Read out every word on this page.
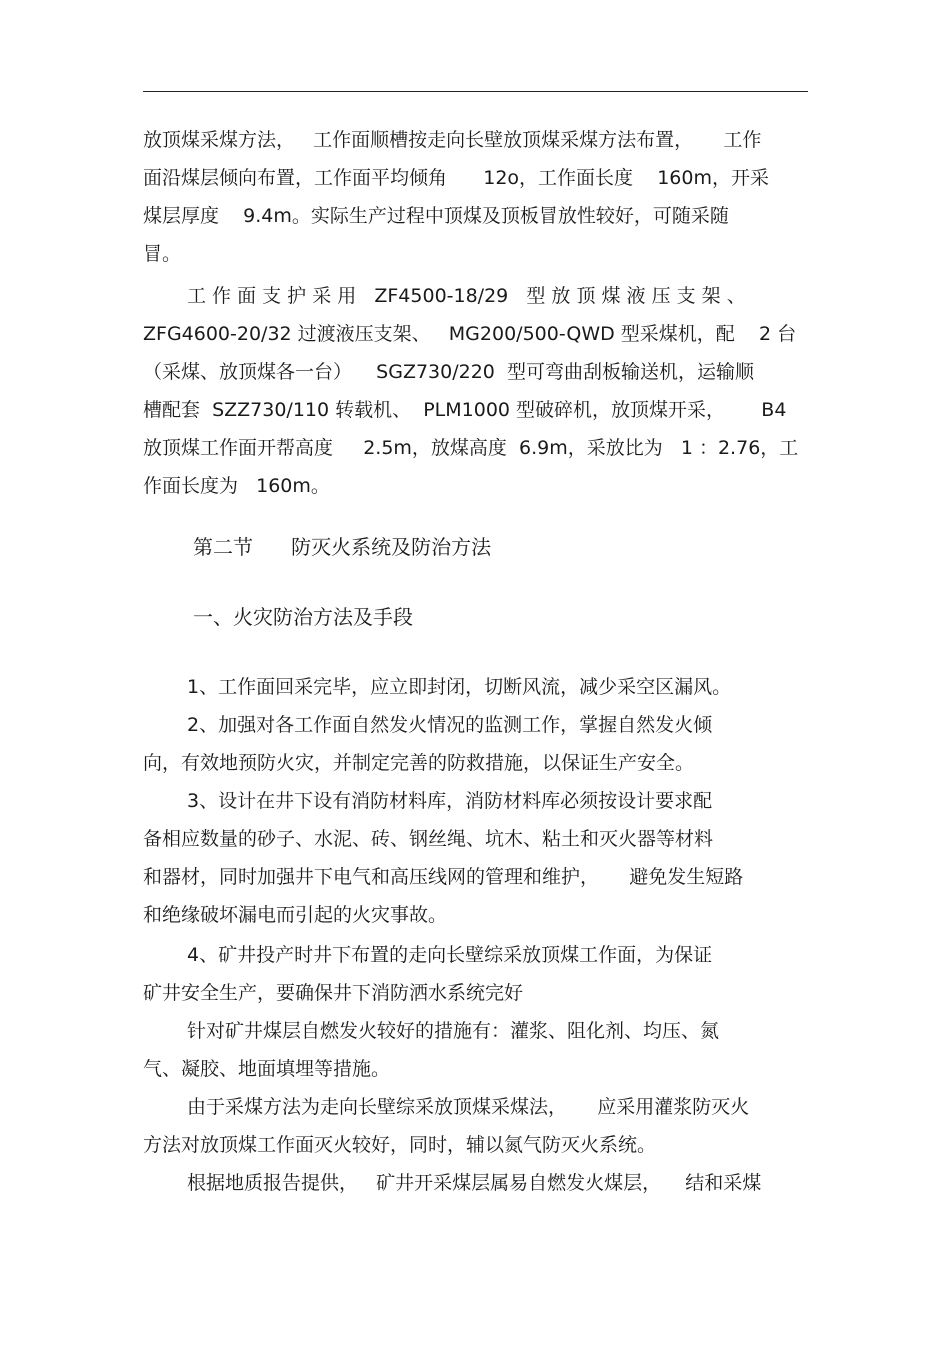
放顶煤采煤方法，   工作面顺槽按走向长壁放顶煤采煤方法布置，     工作
面沿煤层倾向布置，工作面平均倾角      12o，工作面长度    160m，开采
煤层厚度    9.4m。实际生产过程中顶煤及顶板冒放性较好，可随采随
冒。
工 作 面 支 护 采 用   ZF4500-18/29   型 放 顶 煤 液 压 支 架 、
ZFG4600-20/32 过渡液压支架、   MG200/500-QWD 型采煤机，配    2 台
（采煤、放顶煤各一台）    SGZ730/220  型可弯曲刮板输送机，运输顺
槽配套  SZZ730/110 转载机、  PLM1000 型破碎机，放顶煤开采，      B4
放顶煤工作面开帮高度     2.5m，放煤高度  6.9m，采放比为   1 ：2.76，工
作面长度为   160m。
第二节      防灭火系统及防治方法
一、火灾防治方法及手段
1、工作面回采完毕，应立即封闭，切断风流，减少采空区漏风。
2、加强对各工作面自然发火情况的监测工作，掌握自然发火倾
向，有效地预防火灾，并制定完善的防救措施，以保证生产安全。
3、设计在井下设有消防材料库，消防材料库必须按设计要求配
备相应数量的砂子、水泥、砖、钢丝绳、坑木、粘土和灭火器等材料
和器材，同时加强井下电气和高压线网的管理和维护，     避免发生短路
和绝缘破坏漏电而引起的火灾事故。
4、矿井投产时井下布置的走向长壁综采放顶煤工作面，为保证
矿井安全生产，要确保井下消防洒水系统完好
针对矿井煤层自燃发火较好的措施有：灌浆、阻化剂、均压、氮
气、凝胶、地面填埋等措施。
由于采煤方法为走向长壁综采放顶煤采煤法，     应采用灌浆防灭火
方法对放顶煤工作面灭火较好，同时，辅以氮气防灭火系统。
根据地质报告提供，   矿井开采煤层属易自燃发火煤层，    结和采煤
